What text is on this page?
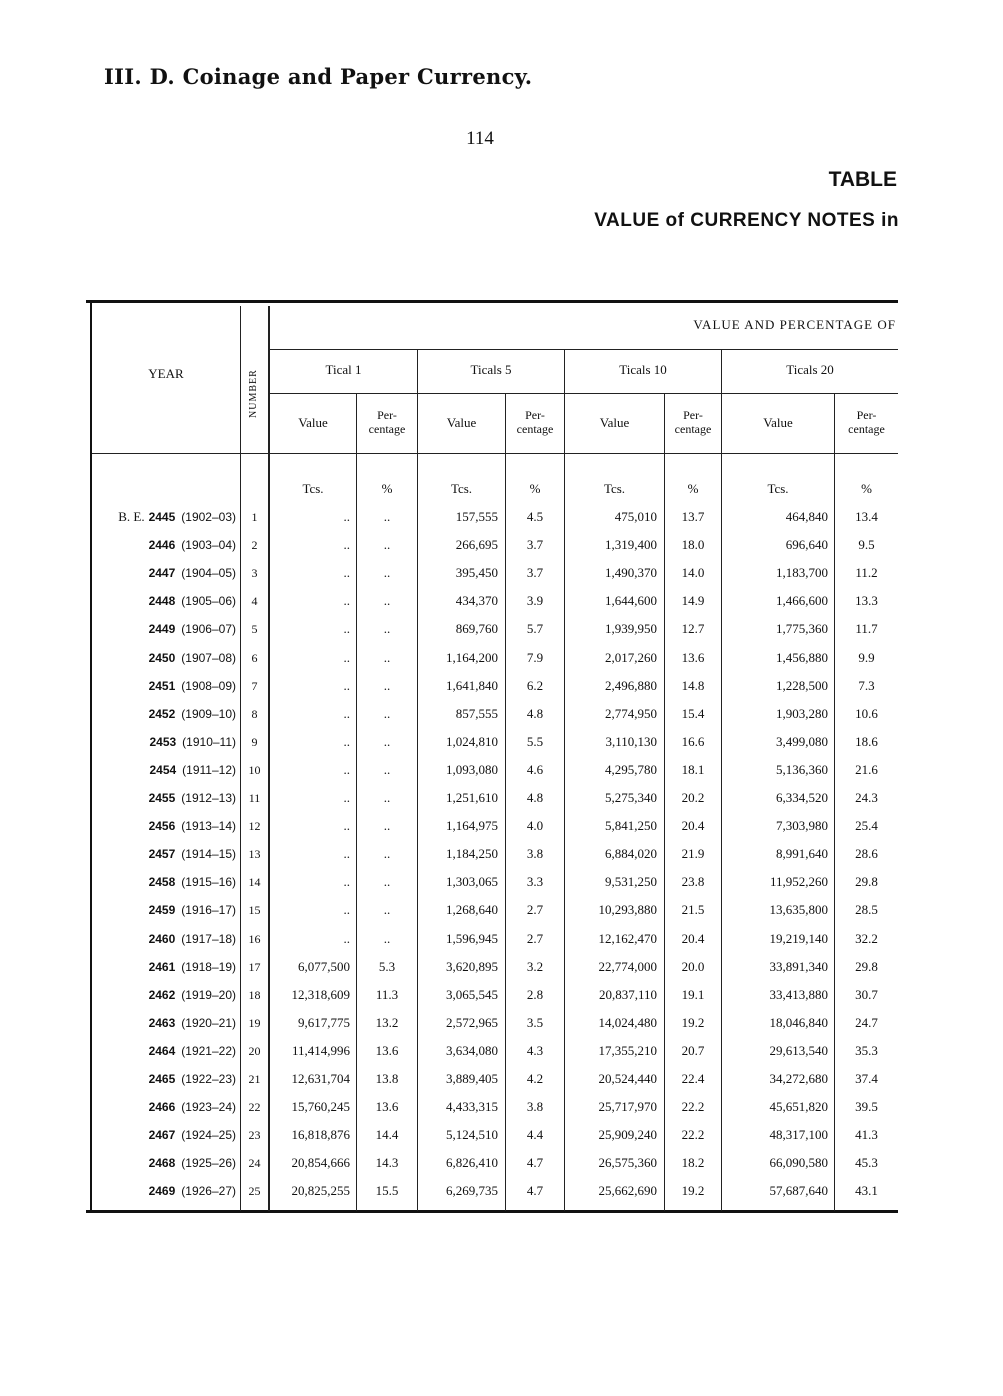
III. D. Coinage and Paper Currency.
114
TABLE
VALUE of CURRENCY NOTES in
VALUE AND PERCENTAGE OF
YEAR	NUMBER	Tical 1	Ticals 5	Ticals 10	Ticals 20
Value	Per-
centage	Value	Per-
centage	Value	Per-
centage	Value	Per-
centage
Tcs.	%	Tcs.	%	Tcs.	%	Tcs.	%
B. E. 2445 (1902–03)	1	..	..	157,555	4.5	475,010	13.7	464,840	13.4
2446 (1903–04)	2	..	..	266,695	3.7	1,319,400	18.0	696,640	9.5
2447 (1904–05)	3	..	..	395,450	3.7	1,490,370	14.0	1,183,700	11.2
2448 (1905–06)	4	..	..	434,370	3.9	1,644,600	14.9	1,466,600	13.3
2449 (1906–07)	5	..	..	869,760	5.7	1,939,950	12.7	1,775,360	11.7
2450 (1907–08)	6	..	..	1,164,200	7.9	2,017,260	13.6	1,456,880	9.9
2451 (1908–09)	7	..	..	1,641,840	6.2	2,496,880	14.8	1,228,500	7.3
2452 (1909–10)	8	..	..	857,555	4.8	2,774,950	15.4	1,903,280	10.6
2453 (1910–11)	9	..	..	1,024,810	5.5	3,110,130	16.6	3,499,080	18.6
2454 (1911–12)	10	..	..	1,093,080	4.6	4,295,780	18.1	5,136,360	21.6
2455 (1912–13)	11	..	..	1,251,610	4.8	5,275,340	20.2	6,334,520	24.3
2456 (1913–14)	12	..	..	1,164,975	4.0	5,841,250	20.4	7,303,980	25.4
2457 (1914–15)	13	..	..	1,184,250	3.8	6,884,020	21.9	8,991,640	28.6
2458 (1915–16)	14	..	..	1,303,065	3.3	9,531,250	23.8	11,952,260	29.8
2459 (1916–17)	15	..	..	1,268,640	2.7	10,293,880	21.5	13,635,800	28.5
2460 (1917–18)	16	..	..	1,596,945	2.7	12,162,470	20.4	19,219,140	32.2
2461 (1918–19)	17	6,077,500	5.3	3,620,895	3.2	22,774,000	20.0	33,891,340	29.8
2462 (1919–20)	18	12,318,609	11.3	3,065,545	2.8	20,837,110	19.1	33,413,880	30.7
2463 (1920–21)	19	9,617,775	13.2	2,572,965	3.5	14,024,480	19.2	18,046,840	24.7
2464 (1921–22)	20	11,414,996	13.6	3,634,080	4.3	17,355,210	20.7	29,613,540	35.3
2465 (1922–23)	21	12,631,704	13.8	3,889,405	4.2	20,524,440	22.4	34,272,680	37.4
2466 (1923–24)	22	15,760,245	13.6	4,433,315	3.8	25,717,970	22.2	45,651,820	39.5
2467 (1924–25)	23	16,818,876	14.4	5,124,510	4.4	25,909,240	22.2	48,317,100	41.3
2468 (1925–26)	24	20,854,666	14.3	6,826,410	4.7	26,575,360	18.2	66,090,580	45.3
2469 (1926–27)	25	20,825,255	15.5	6,269,735	4.7	25,662,690	19.2	57,687,640	43.1
